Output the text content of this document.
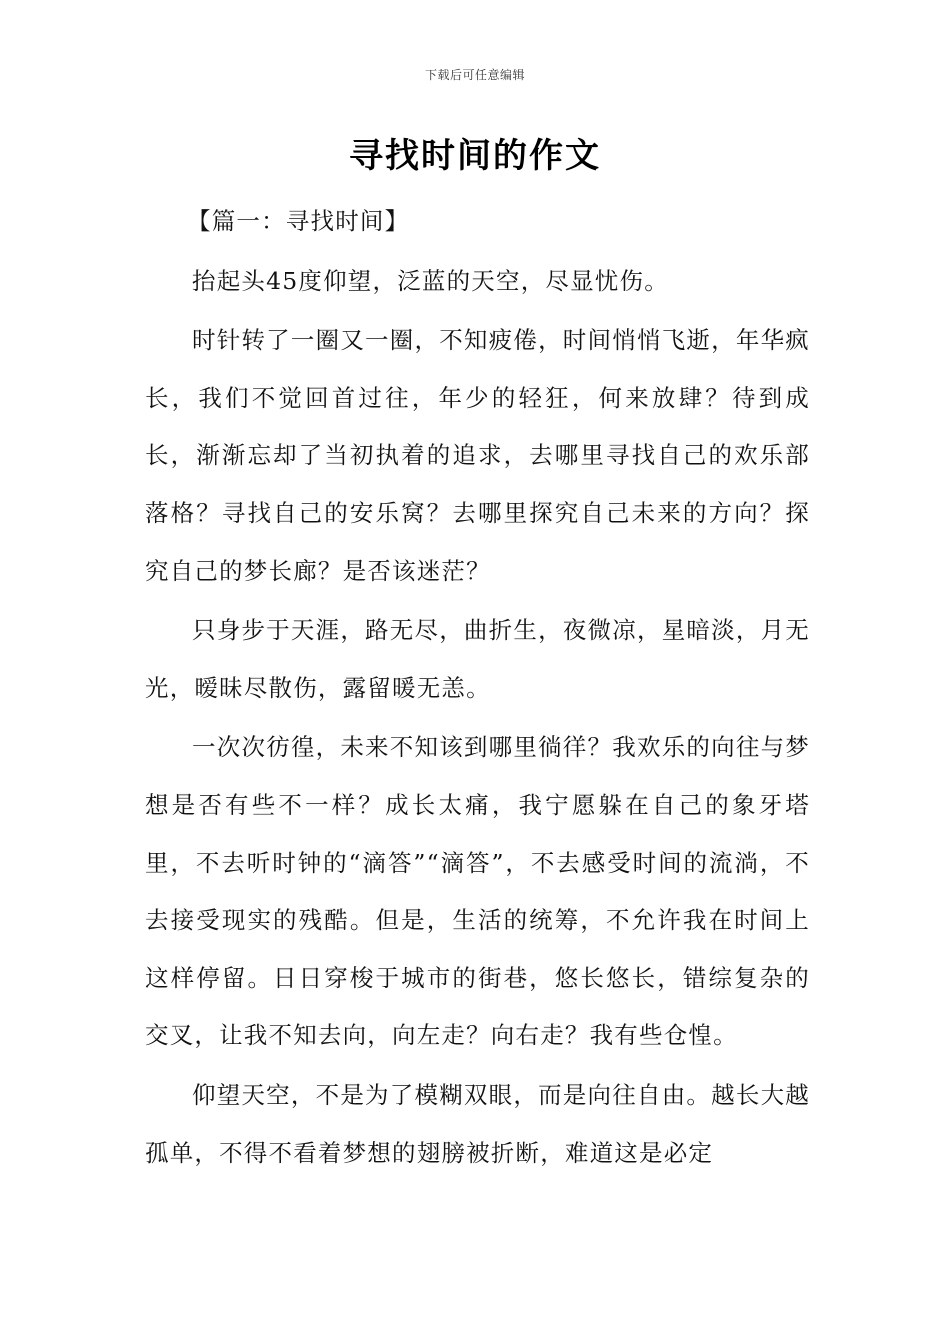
下载后可任意编辑
寻找时间的作文

【篇一：寻找时间】

抬起头45度仰望，泛蓝的天空，尽显忧伤。

时针转了一圈又一圈，不知疲倦，时间悄悄飞逝，年华疯长，我们不觉回首过往，年少的轻狂，何来放肆？待到成长，渐渐忘却了当初执着的追求，去哪里寻找自己的欢乐部落格？寻找自己的安乐窝？去哪里探究自己未来的方向？探究自己的梦长廊？是否该迷茫？

只身步于天涯，路无尽，曲折生，夜微凉，星暗淡，月无光，暧昧尽散伤，露留暖无恙。

一次次彷徨，未来不知该到哪里徜徉？我欢乐的向往与梦想是否有些不一样？成长太痛，我宁愿躲在自己的象牙塔里，不去听时钟的“滴答”“滴答”，不去感受时间的流淌，不去接受现实的残酷。但是，生活的统筹，不允许我在时间上这样停留。日日穿梭于城市的街巷，悠长悠长，错综复杂的交叉，让我不知去向，向左走？向右走？我有些仓惶。

仰望天空，不是为了模糊双眼，而是向往自由。越长大越孤单，不得不看着梦想的翅膀被折断，难道这是必定
